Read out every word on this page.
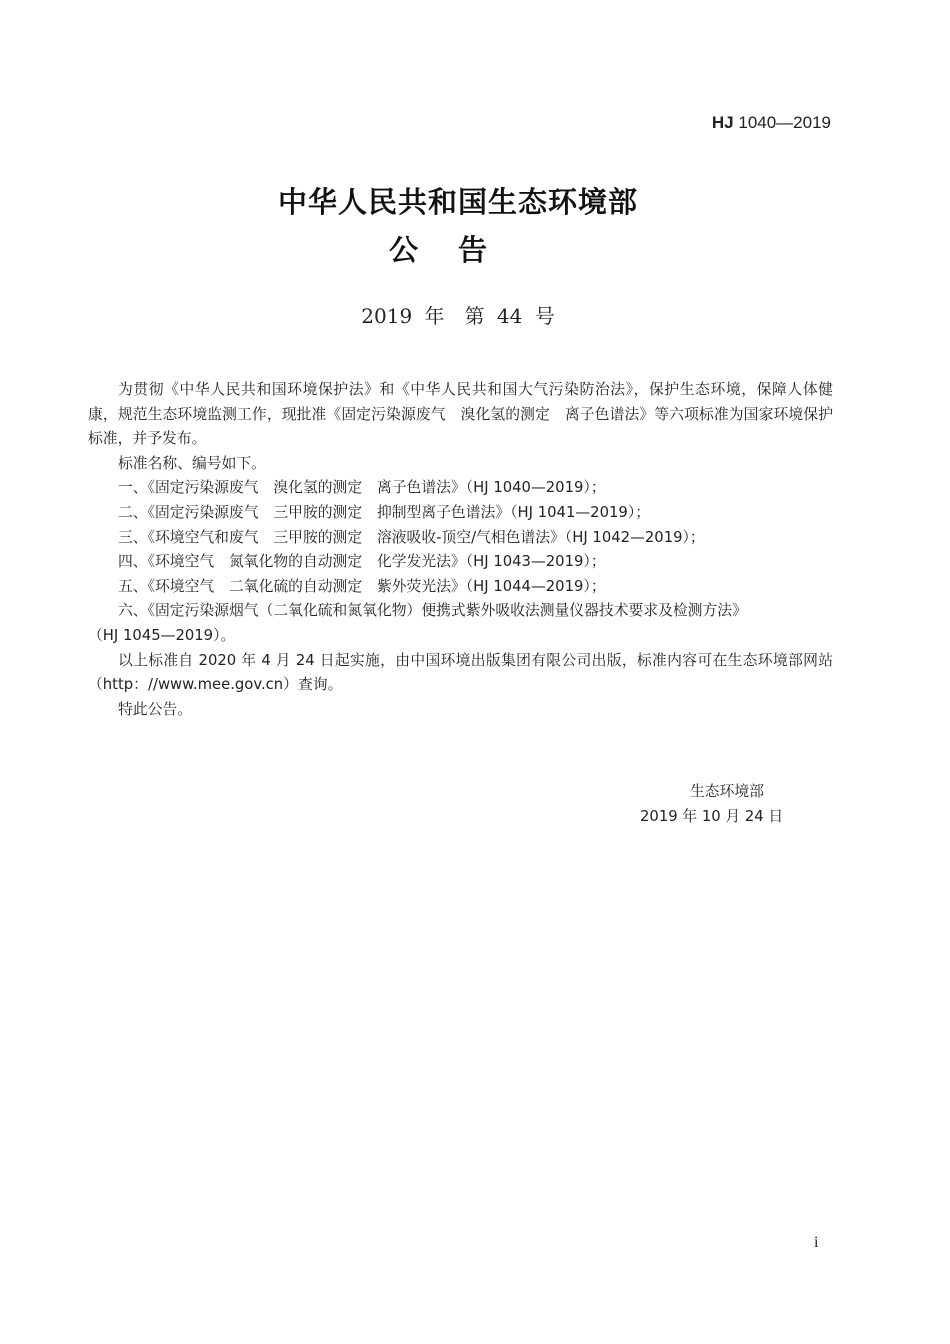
HJ 1040—2019
中华人民共和国生态环境部
公告
2019 年　第 44 号

为贯彻《中华人民共和国环境保护法》和《中华人民共和国大气污染防治法》，保护生态环境，保障人体健康，规范生态环境监测工作，现批准《固定污染源废气　溴化氢的测定　离子色谱法》等六项标准为国家环境保护标准，并予发布。

标准名称、编号如下。

一、《固定污染源废气　溴化氢的测定　离子色谱法》（HJ 1040—2019）；

二、《固定污染源废气　三甲胺的测定　抑制型离子色谱法》（HJ 1041—2019）；

三、《环境空气和废气　三甲胺的测定　溶液吸收-顶空/气相色谱法》（HJ 1042—2019）；

四、《环境空气　氮氧化物的自动测定　化学发光法》（HJ 1043—2019）；

五、《环境空气　二氧化硫的自动测定　紫外荧光法》（HJ 1044—2019）；

六、《固定污染源烟气（二氧化硫和氮氧化物）便携式紫外吸收法测量仪器技术要求及检测方法》

（HJ 1045—2019）。

以上标准自 2020 年 4 月 24 日起实施，由中国环境出版集团有限公司出版，标准内容可在生态环境部网站（http：//www.mee.gov.cn）查询。

特此公告。

生态环境部
2019 年 10 月 24 日
i
